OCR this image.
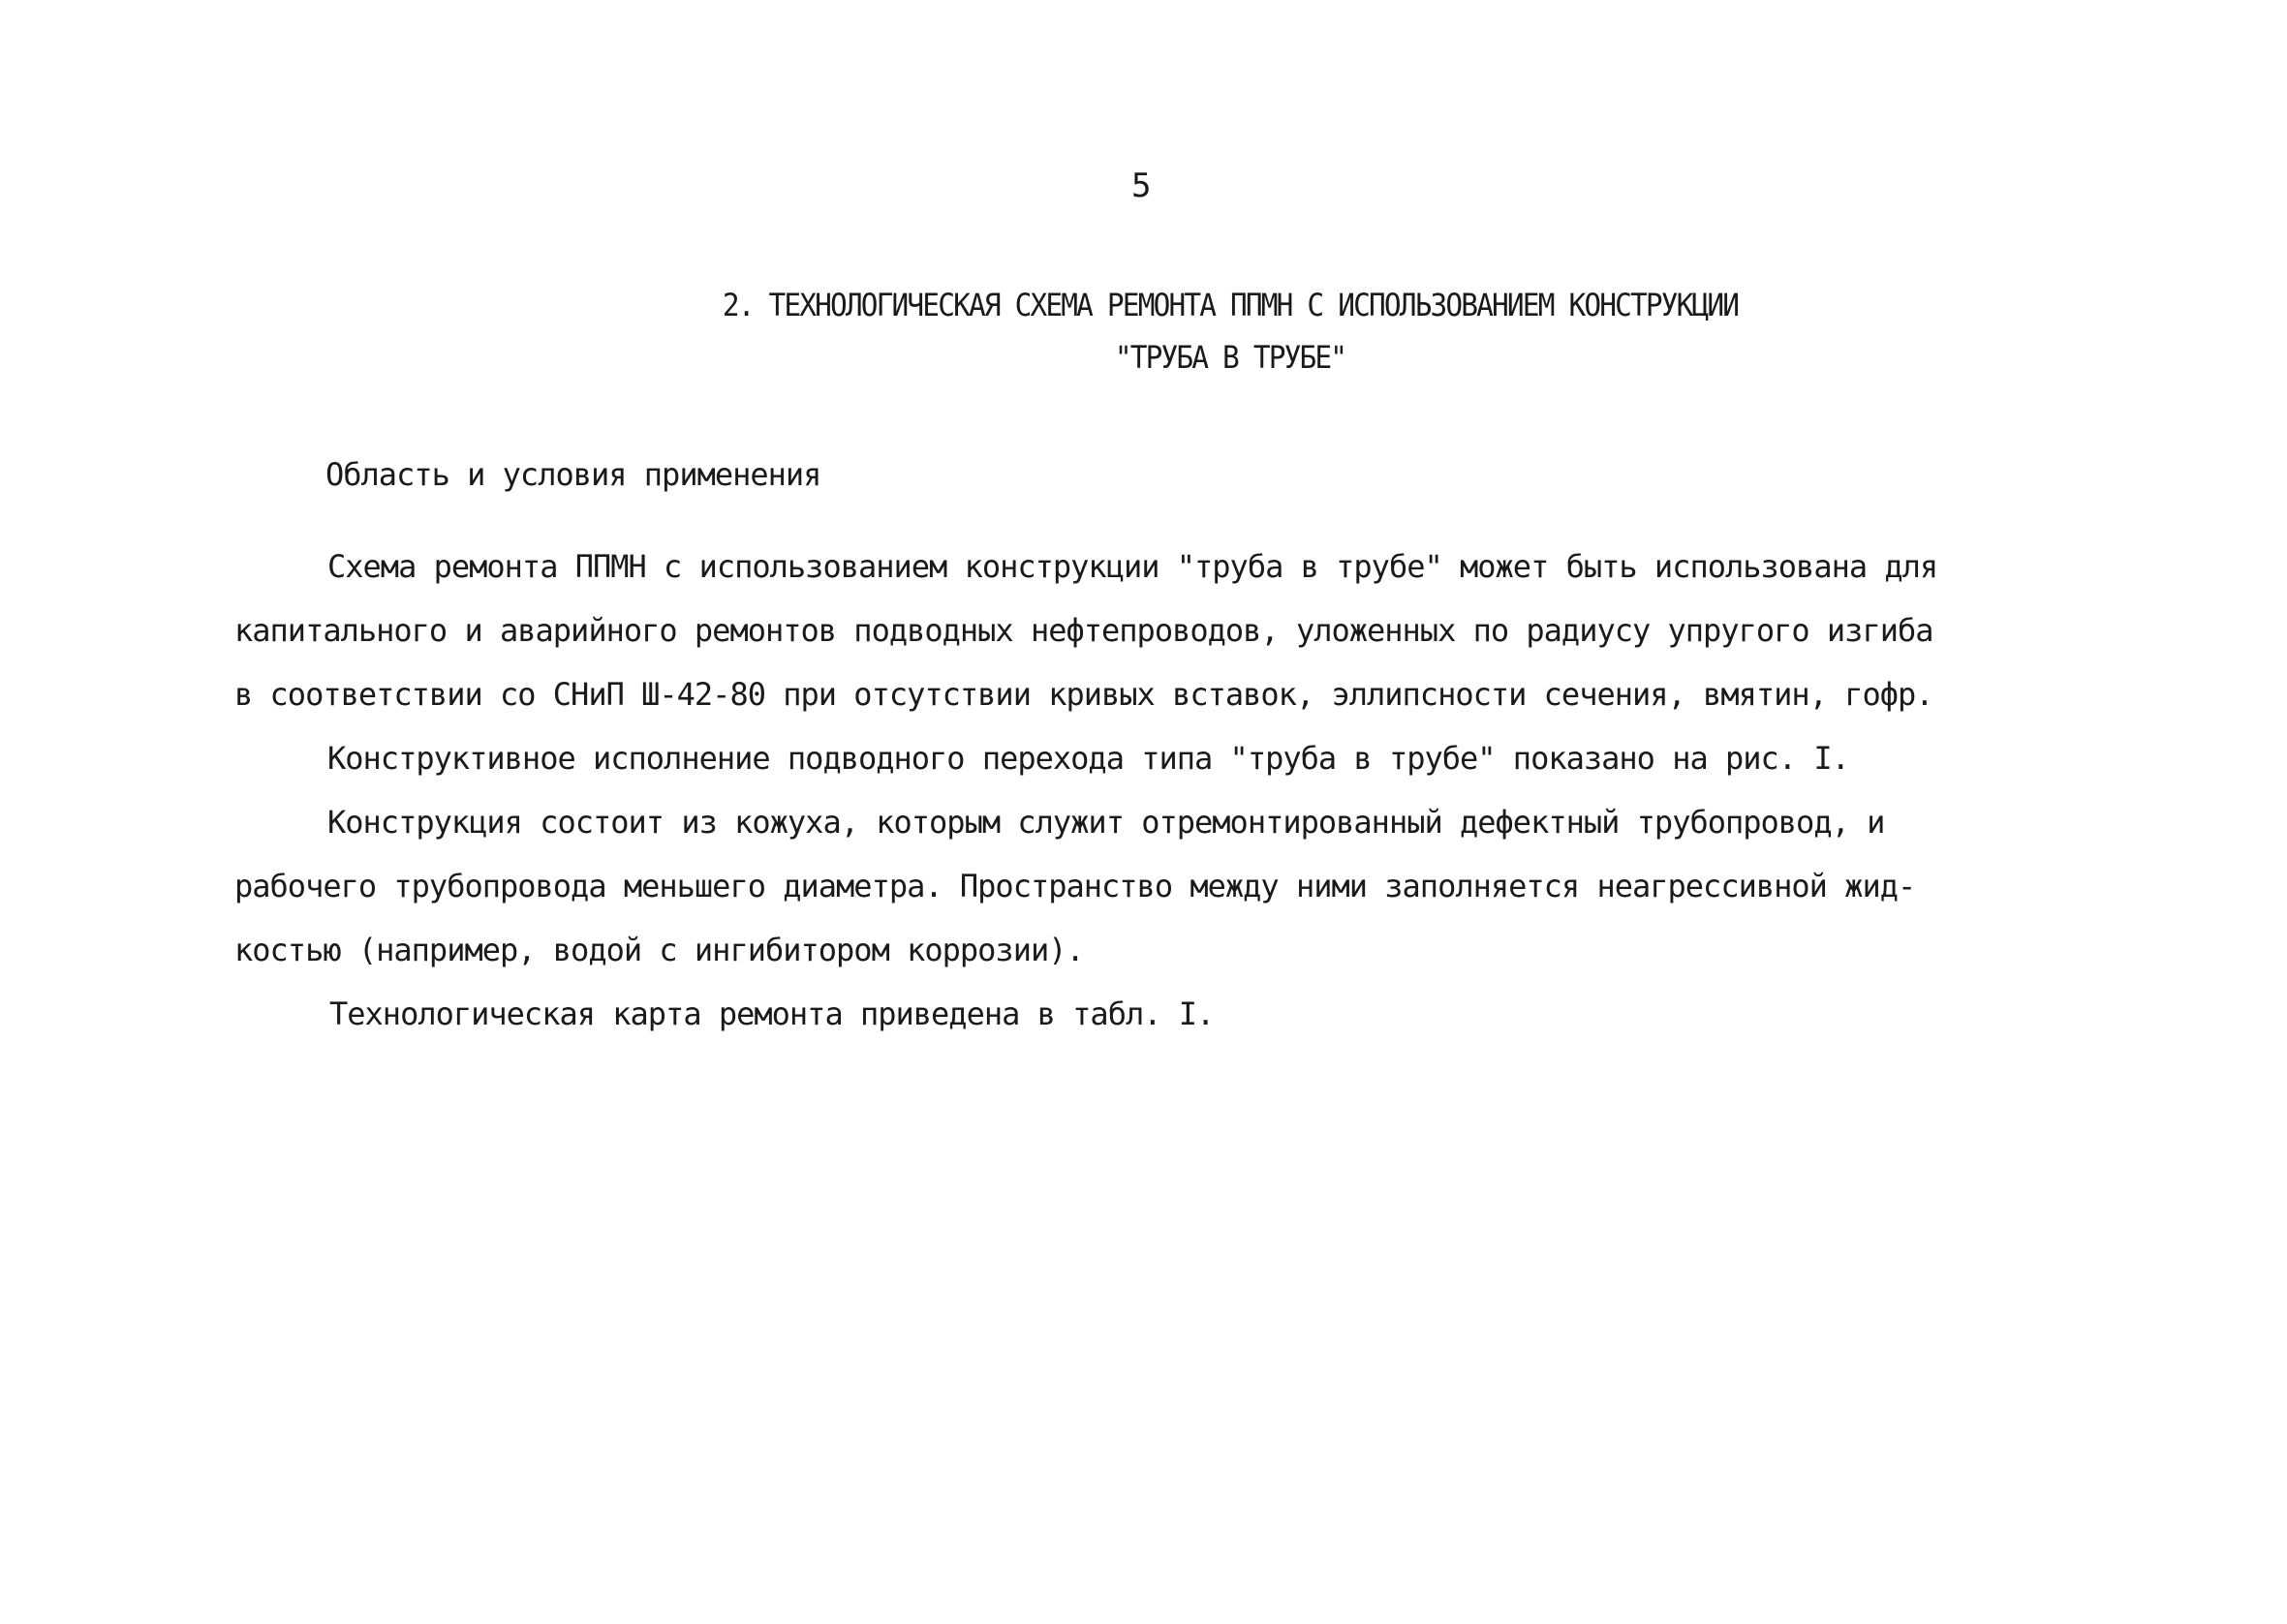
5
2. ТЕХНОЛОГИЧЕСКАЯ СХЕМА РЕМОНТА ППМН С ИСПОЛЬЗОВАНИЕМ КОНСТРУКЦИИ
"ТРУБА В ТРУБЕ"
Область и условия применения
Схема ремонта ППМН с использованием конструкции "труба в трубе" может быть использована для
капитального и аварийного ремонтов подводных нефтепроводов, уложенных по радиусу упругого изгиба
в соответствии со СНиП Ш-42-80 при отсутствии кривых вставок, эллипсности сечения, вмятин, гофр.
Конструктивное исполнение подводного перехода типа "труба в трубе" показано на рис. I.
Конструкция состоит из кожуха, которым служит отремонтированный дефектный трубопровод, и
рабочего трубопровода меньшего диаметра. Пространство между ними заполняется неагрессивной жид-
костью (например, водой с ингибитором коррозии).
Технологическая карта ремонта приведена в табл. I.
